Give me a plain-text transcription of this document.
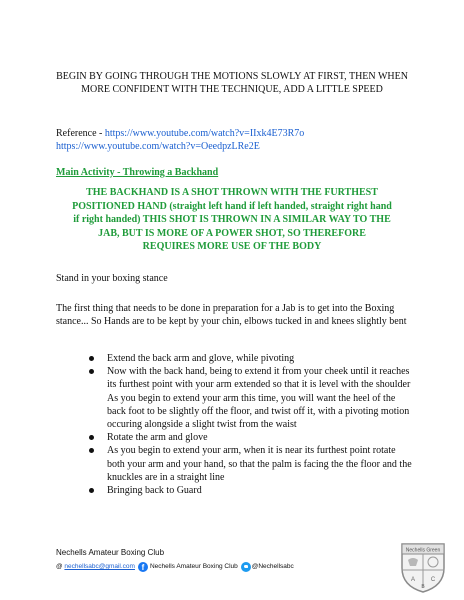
BEGIN BY GOING THROUGH THE MOTIONS SLOWLY AT FIRST, THEN WHEN MORE CONFIDENT WITH THE TECHNIQUE, ADD A LITTLE SPEED
Reference - https://www.youtube.com/watch?v=IIxk4E73R7o
https://www.youtube.com/watch?v=OeedpzLRe2E
Main Activity - Throwing a Backhand
THE BACKHAND IS A SHOT THROWN WITH THE FURTHEST POSITIONED HAND (straight left hand if left handed, straight right hand if right handed) THIS SHOT IS THROWN IN A SIMILAR WAY TO THE JAB, BUT IS MORE OF A POWER SHOT, SO THEREFORE REQUIRES MORE USE OF THE BODY
Stand in your boxing stance
The first thing that needs to be done in preparation for a Jab is to get into the Boxing stance... So Hands are to be kept by your chin, elbows tucked in and knees slightly bent
Extend the back arm and glove, while pivoting
Now with the back hand, being to extend it from your cheek until it reaches its furthest point with your arm extended so that it is level with the shoulder As you begin to extend your arm this time, you will want the heel of the back foot to be slightly off the floor, and twist off it, with a pivoting motion occuring alongside a slight twist from the waist
Rotate the arm and glove
As you begin to extend your arm, when it is near its furthest point rotate both your arm and your hand, so that the palm is facing the the floor and the knuckles are in a straight line
Bringing back to Guard
Nechells Amateur Boxing Club
@
nechellsabc@gmail.com f Nechells Amateur Boxing Club @Nechellsabc
Nechells Green
A
B
C
